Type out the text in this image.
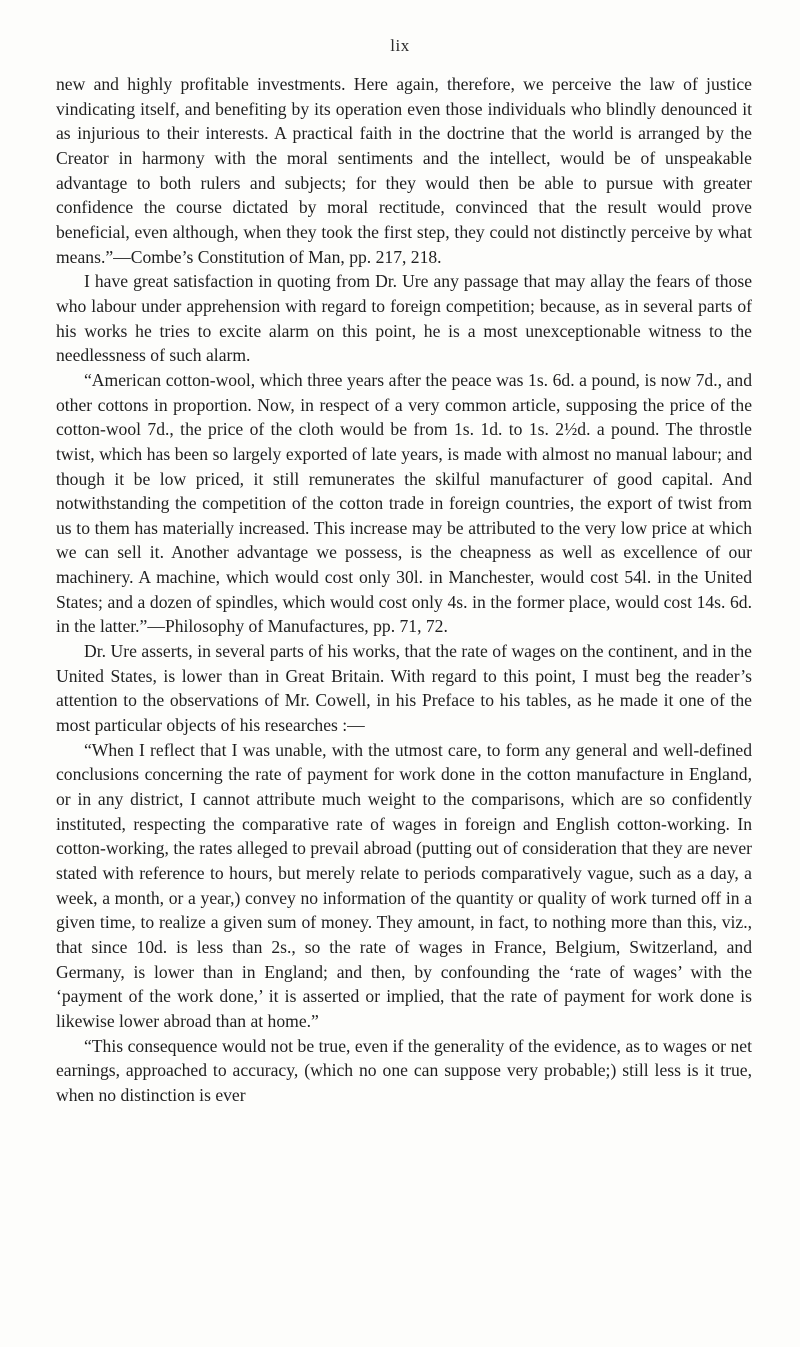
lix

new and highly profitable investments. Here again, therefore, we perceive the law of justice vindicating itself, and benefiting by its operation even those individuals who blindly denounced it as injurious to their interests. A practical faith in the doctrine that the world is arranged by the Creator in harmony with the moral sentiments and the intellect, would be of unspeakable advantage to both rulers and subjects; for they would then be able to pursue with greater confidence the course dictated by moral rectitude, convinced that the result would prove beneficial, even although, when they took the first step, they could not distinctly perceive by what means.”—Combe’s Constitution of Man, pp. 217, 218.

I have great satisfaction in quoting from Dr. Ure any passage that may allay the fears of those who labour under apprehension with regard to foreign competition; because, as in several parts of his works he tries to excite alarm on this point, he is a most unexceptionable witness to the needlessness of such alarm.

“American cotton-wool, which three years after the peace was 1s. 6d. a pound, is now 7d., and other cottons in proportion. Now, in respect of a very common article, supposing the price of the cotton-wool 7d., the price of the cloth would be from 1s. 1d. to 1s. 2½d. a pound. The throstle twist, which has been so largely exported of late years, is made with almost no manual labour; and though it be low priced, it still remunerates the skilful manufacturer of good capital. And notwithstanding the competition of the cotton trade in foreign countries, the export of twist from us to them has materially increased. This increase may be attributed to the very low price at which we can sell it. Another advantage we possess, is the cheapness as well as excellence of our machinery. A machine, which would cost only 30l. in Manchester, would cost 54l. in the United States; and a dozen of spindles, which would cost only 4s. in the former place, would cost 14s. 6d. in the latter.”—Philosophy of Manufactures, pp. 71, 72.

Dr. Ure asserts, in several parts of his works, that the rate of wages on the continent, and in the United States, is lower than in Great Britain. With regard to this point, I must beg the reader’s attention to the observations of Mr. Cowell, in his Preface to his tables, as he made it one of the most particular objects of his researches :—

“When I reflect that I was unable, with the utmost care, to form any general and well-defined conclusions concerning the rate of payment for work done in the cotton manufacture in England, or in any district, I cannot attribute much weight to the comparisons, which are so confidently instituted, respecting the comparative rate of wages in foreign and English cotton-working. In cotton-working, the rates alleged to prevail abroad (putting out of consideration that they are never stated with reference to hours, but merely relate to periods comparatively vague, such as a day, a week, a month, or a year,) convey no information of the quantity or quality of work turned off in a given time, to realize a given sum of money. They amount, in fact, to nothing more than this, viz., that since 10d. is less than 2s., so the rate of wages in France, Belgium, Switzerland, and Germany, is lower than in England; and then, by confounding the ‘rate of wages’ with the ‘payment of the work done,’ it is asserted or implied, that the rate of payment for work done is likewise lower abroad than at home.”

“This consequence would not be true, even if the generality of the evidence, as to wages or net earnings, approached to accuracy, (which no one can suppose very probable;) still less is it true, when no distinction is ever
